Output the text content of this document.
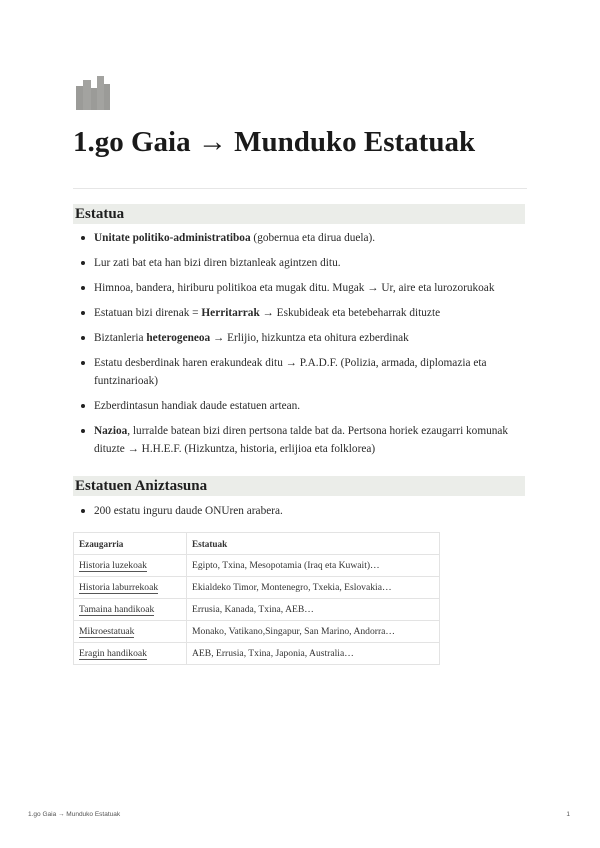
1.go Gaia → Munduko Estatuak
Estatua
Unitate politiko-administratiboa (gobernua eta dirua duela).
Lur zati bat eta han bizi diren biztanleak agintzen ditu.
Himnoa, bandera, hiriburu politikoa eta mugak ditu. Mugak → Ur, aire eta lurozorukoak
Estatuan bizi direnak = Herritarrak → Eskubideak eta betebeharrak dituzte
Biztanleria heterogeneoa → Erlijio, hizkuntza eta ohitura ezberdinak
Estatu desberdinak haren erakundeak ditu → P.A.D.F. (Polizia, armada, diplomazia eta funtzinarioak)
Ezberdintasun handiak daude estatuen artean.
Nazioa, lurralde batean bizi diren pertsona talde bat da. Pertsona horiek ezaugarri komunak dituzte → H.H.E.F. (Hizkuntza, historia, erlijioa eta folklorea)
Estatuen Aniztasuna
200 estatu inguru daude ONUren arabera.
Ezaugarria	Estatuak
Historia luzekoak	Egipto, Txina, Mesopotamia (Iraq eta Kuwait)…
Historia laburrekoak	Ekialdeko Timor, Montenegro, Txekia, Eslovakia…
Tamaina handikoak	Errusia, Kanada, Txina, AEB…
Mikroestatuak	Monako, Vatikano,Singapur, San Marino, Andorra…
Eragin handikoak	AEB, Errusia, Txina, Japonia, Australia…
1.go Gaia → Munduko Estatuak	1
